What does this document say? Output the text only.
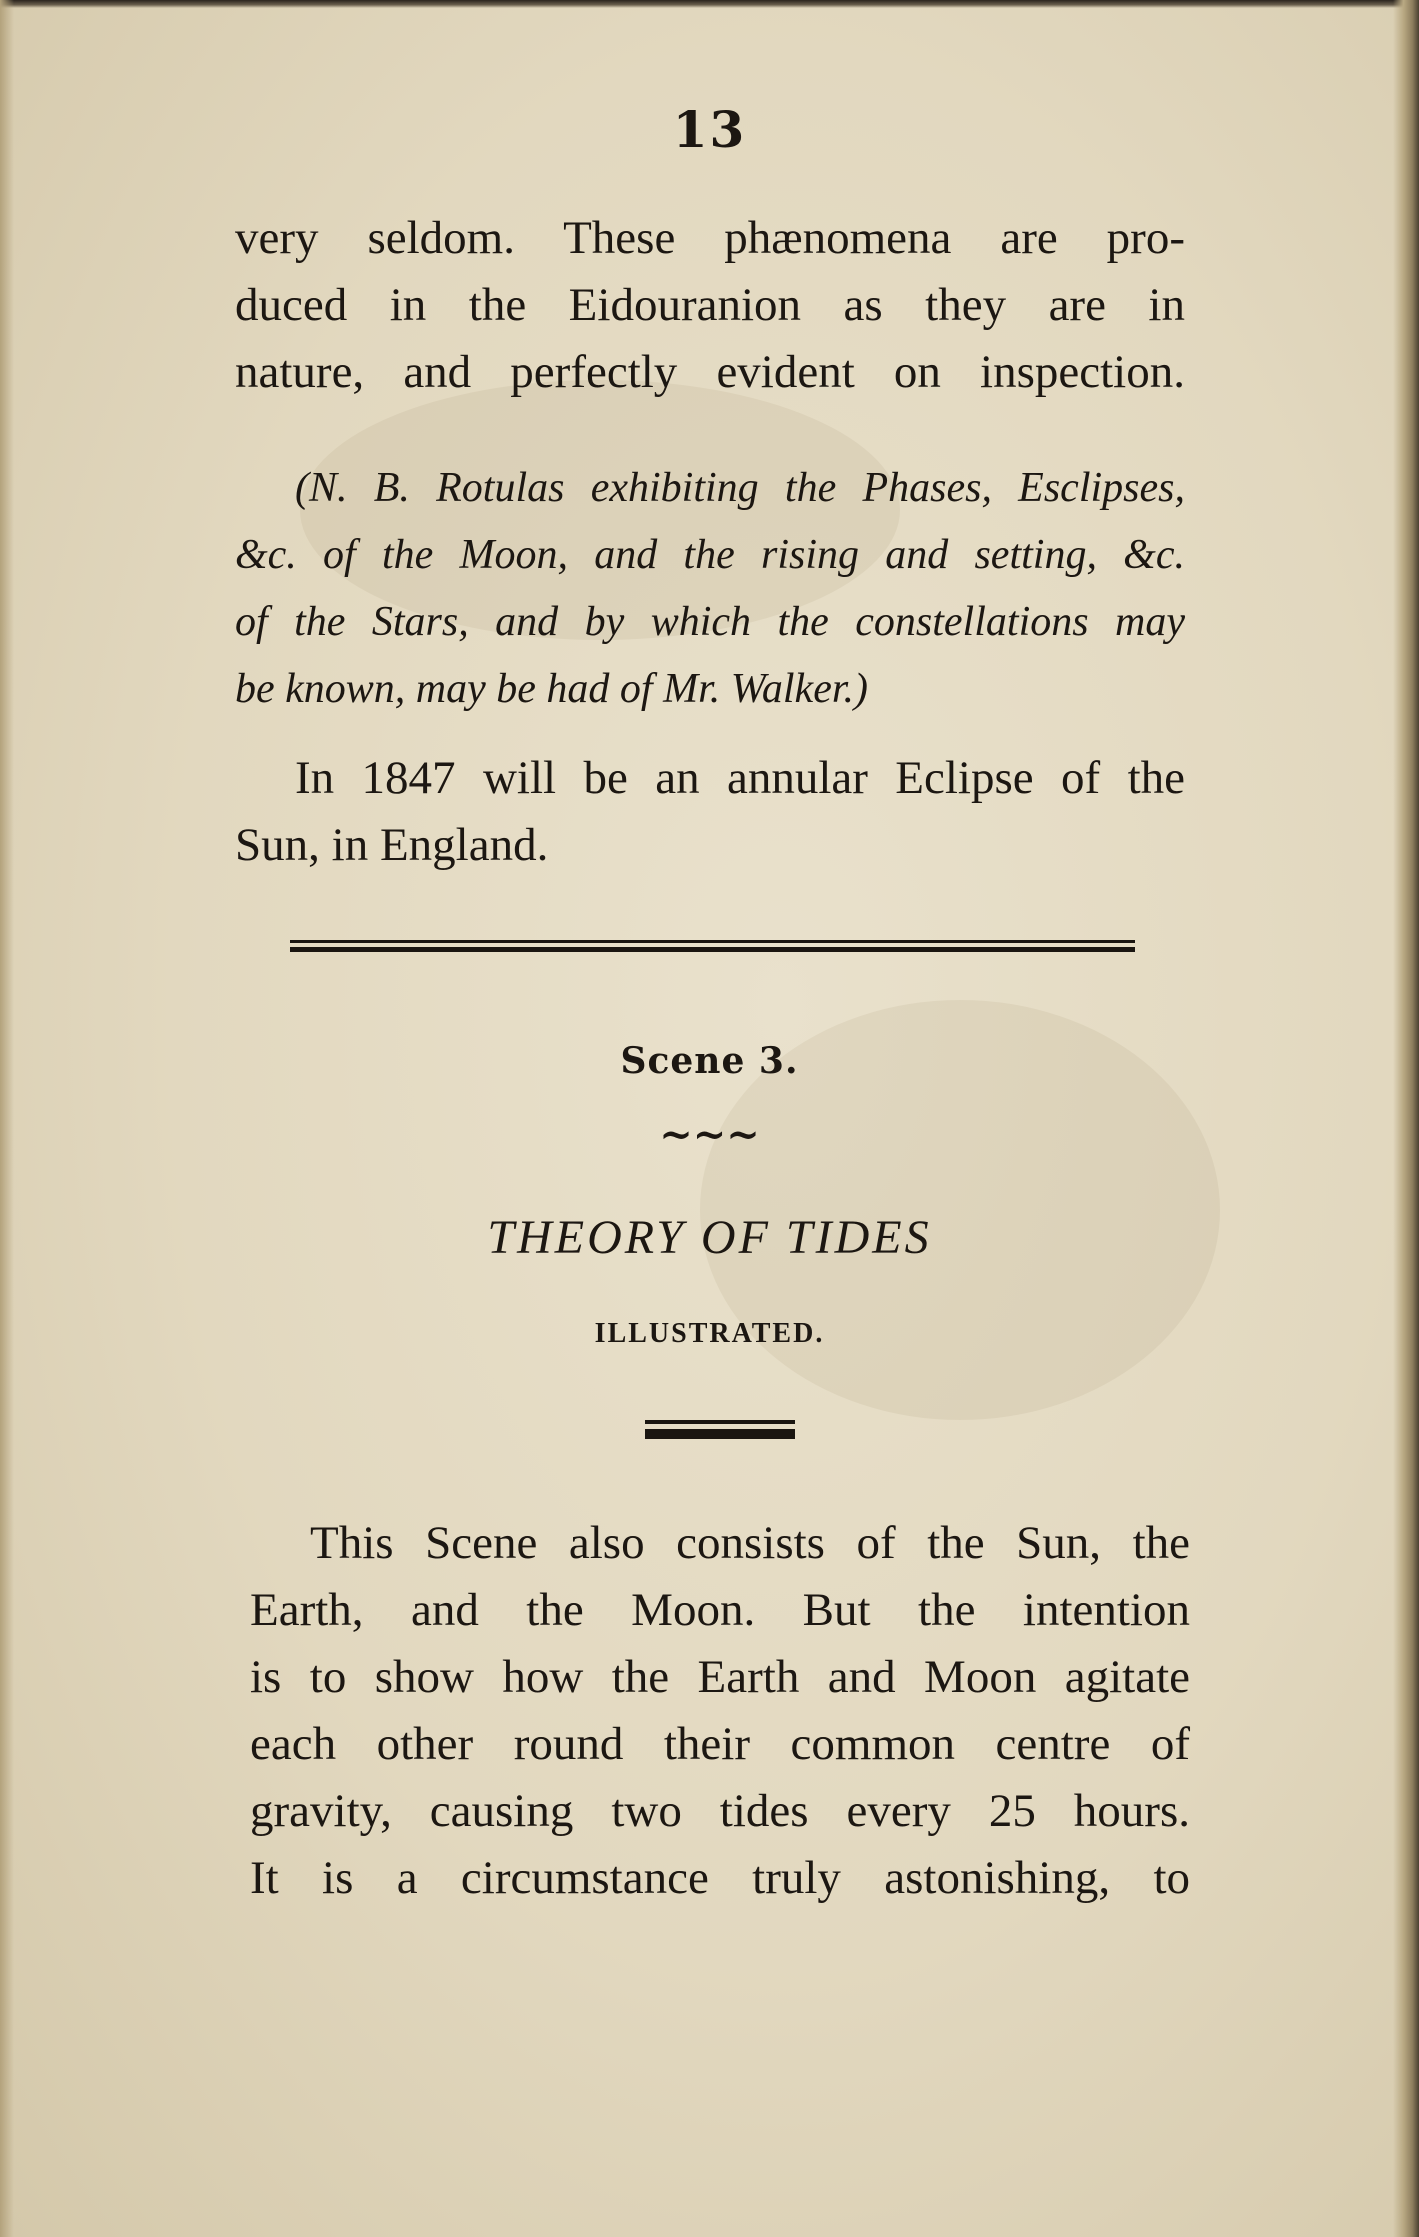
13
very seldom. These phænomena are pro-
duced in the Eidouranion as they are in
nature, and perfectly evident on inspection.
(N. B. Rotulas exhibiting the Phases, Esclipses,
&c. of the Moon, and the rising and setting, &c.
of the Stars, and by which the constellations may
be known, may be had of Mr. Walker.)
In 1847 will be an annular Eclipse of the
Sun, in England.
Scene 3.
~~~
THEORY OF TIDES
ILLUSTRATED.
This Scene also consists of the Sun, the
Earth, and the Moon. But the intention
is to show how the Earth and Moon agitate
each other round their common centre of
gravity, causing two tides every 25 hours.
It is a circumstance truly astonishing, to
